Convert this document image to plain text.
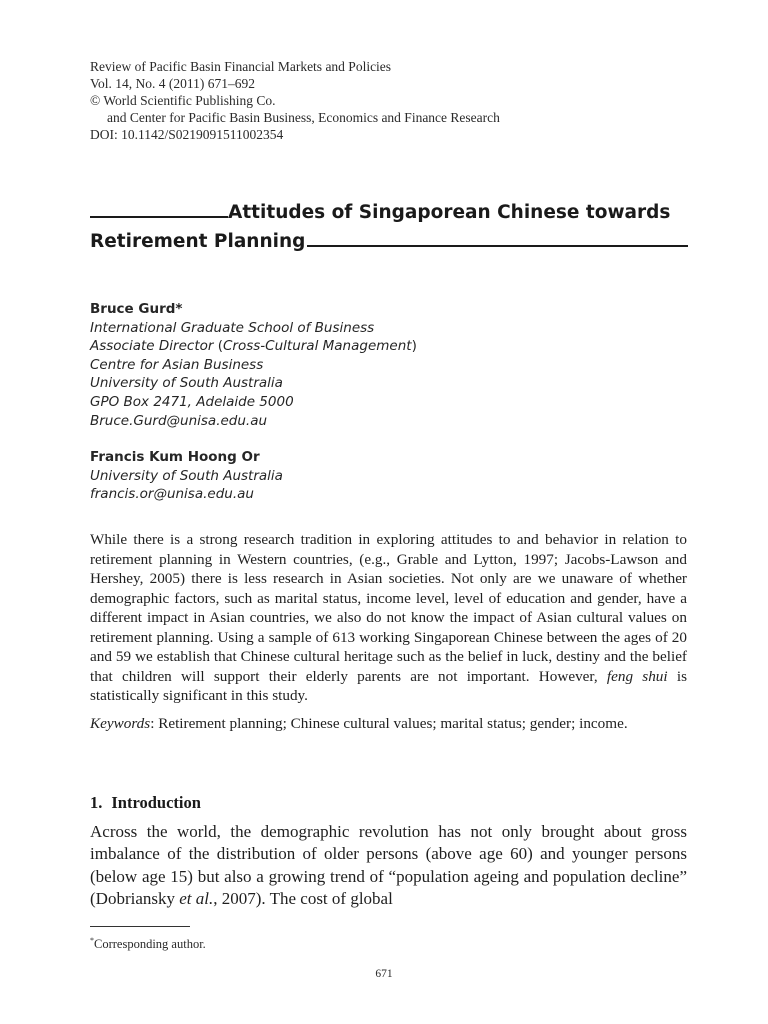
Review of Pacific Basin Financial Markets and Policies
Vol. 14, No. 4 (2011) 671–692
© World Scientific Publishing Co.
and Center for Pacific Basin Business, Economics and Finance Research
DOI: 10.1142/S0219091511002354
Attitudes of Singaporean Chinese towards
Retirement Planning
Bruce Gurd*
International Graduate School of Business
Associate Director (Cross-Cultural Management)
Centre for Asian Business
University of South Australia
GPO Box 2471, Adelaide 5000
Bruce.Gurd@unisa.edu.au
Francis Kum Hoong Or
University of South Australia
francis.or@unisa.edu.au

While there is a strong research tradition in exploring attitudes to and behavior in relation to retirement planning in Western countries, (e.g., Grable and Lytton, 1997; Jacobs-Lawson and Hershey, 2005) there is less research in Asian societies. Not only are we unaware of whether demographic factors, such as marital status, income level, level of education and gender, have a different impact in Asian countries, we also do not know the impact of Asian cultural values on retirement planning. Using a sample of 613 working Singaporean Chinese between the ages of 20 and 59 we establish that Chinese cultural heritage such as the belief in luck, destiny and the belief that children will support their elderly parents are not important. However, feng shui is statistically significant in this study.

Keywords: Retirement planning; Chinese cultural values; marital status; gender; income.

1. Introduction

Across the world, the demographic revolution has not only brought about gross imbalance of the distribution of older persons (above age 60) and younger persons (below age 15) but also a growing trend of “population ageing and population decline” (Dobriansky et al., 2007). The cost of global

*Corresponding author.
671
